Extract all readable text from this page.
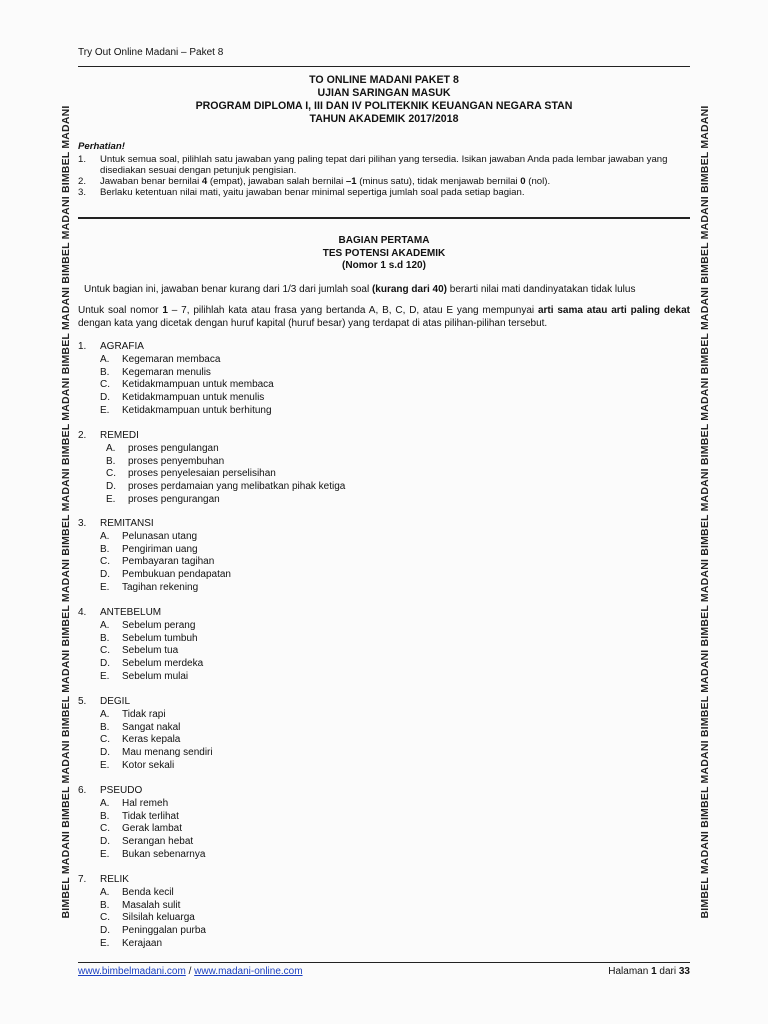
BIMBEL MADANI BIMBEL MADANI BIMBEL MADANI BIMBEL MADANI BIMBEL MADANI BIMBEL MADANI BIMBEL MADANI BIMBEL MADANI BIMBEL MADANI	BIMBEL MADANI BIMBEL MADANI BIMBEL MADANI BIMBEL MADANI BIMBEL MADANI BIMBEL MADANI BIMBEL MADANI BIMBEL MADANI BIMBEL MADANI
Try Out Online Madani – Paket 8
TO ONLINE MADANI PAKET 8
UJIAN SARINGAN MASUK
PROGRAM DIPLOMA I, III DAN IV POLITEKNIK KEUANGAN NEGARA STAN
TAHUN AKADEMIK 2017/2018
Perhatian!
1. Untuk semua soal, pilihlah satu jawaban yang paling tepat dari pilihan yang tersedia. Isikan jawaban Anda pada lembar jawaban yang disediakan sesuai dengan petunjuk pengisian.
2. Jawaban benar bernilai 4 (empat), jawaban salah bernilai –1 (minus satu), tidak menjawab bernilai 0 (nol).
3. Berlaku ketentuan nilai mati, yaitu jawaban benar minimal sepertiga jumlah soal pada setiap bagian.
BAGIAN PERTAMA
TES POTENSI AKADEMIK
(Nomor 1 s.d 120)
Untuk bagian ini, jawaban benar kurang dari 1/3 dari jumlah soal (kurang dari 40) berarti nilai mati dandinyatakan tidak lulus
Untuk soal nomor 1 – 7, pilihlah kata atau frasa yang bertanda A, B, C, D, atau E yang mempunyai arti sama atau arti paling dekat dengan kata yang dicetak dengan huruf kapital (huruf besar) yang terdapat di atas pilihan-pilihan tersebut.
1. AGRAFIA
A. Kegemaran membaca
B. Kegemaran menulis
C. Ketidakmampuan untuk membaca
D. Ketidakmampuan untuk menulis
E. Ketidakmampuan untuk berhitung
2. REMEDI
A. proses pengulangan
B. proses penyembuhan
C. proses penyelesaian perselisihan
D. proses perdamaian yang melibatkan pihak ketiga
E. proses pengurangan
3. REMITANSI
A. Pelunasan utang
B. Pengiriman uang
C. Pembayaran tagihan
D. Pembukuan pendapatan
E. Tagihan rekening
4. ANTEBELUM
A. Sebelum perang
B. Sebelum tumbuh
C. Sebelum tua
D. Sebelum merdeka
E. Sebelum mulai
5. DEGIL
A. Tidak rapi
B. Sangat nakal
C. Keras kepala
D. Mau menang sendiri
E. Kotor sekali
6. PSEUDO
A. Hal remeh
B. Tidak terlihat
C. Gerak lambat
D. Serangan hebat
E. Bukan sebenarnya
7. RELIK
A. Benda kecil
B. Masalah sulit
C. Silsilah keluarga
D. Peninggalan purba
E. Kerajaan
www.bimbelmadani.com / www.madani-online.com	Halaman 1 dari 33
